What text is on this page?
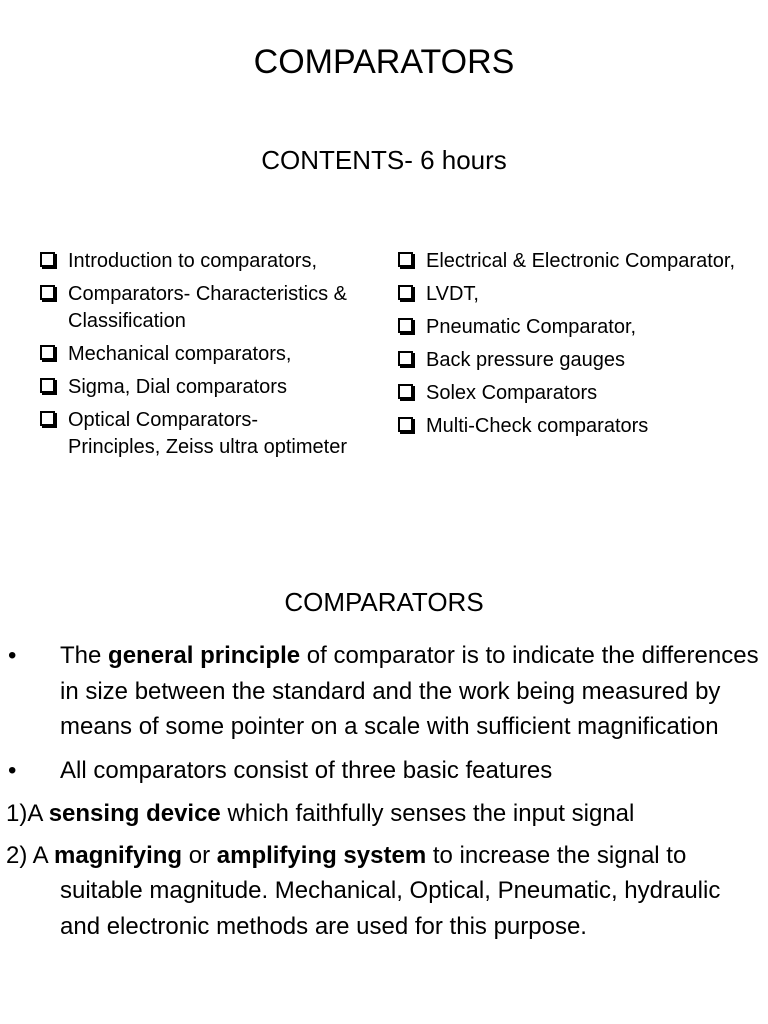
COMPARATORS
CONTENTS- 6 hours
Introduction to comparators,
Comparators- Characteristics & Classification
Mechanical comparators,
Sigma, Dial comparators
Optical Comparators- Principles, Zeiss ultra optimeter
Electrical & Electronic Comparator,
LVDT,
Pneumatic Comparator,
Back pressure gauges
Solex Comparators
Multi-Check comparators
COMPARATORS

• The general principle of comparator is to indicate the differences in size between the standard and the work being measured by means of some pointer on a scale with sufficient magnification

• All comparators consist of three basic features

1)A sensing device which faithfully senses the input signal

2) A magnifying or amplifying system to increase the signal to suitable magnitude. Mechanical, Optical, Pneumatic, hydraulic and electronic methods are used for this purpose.
